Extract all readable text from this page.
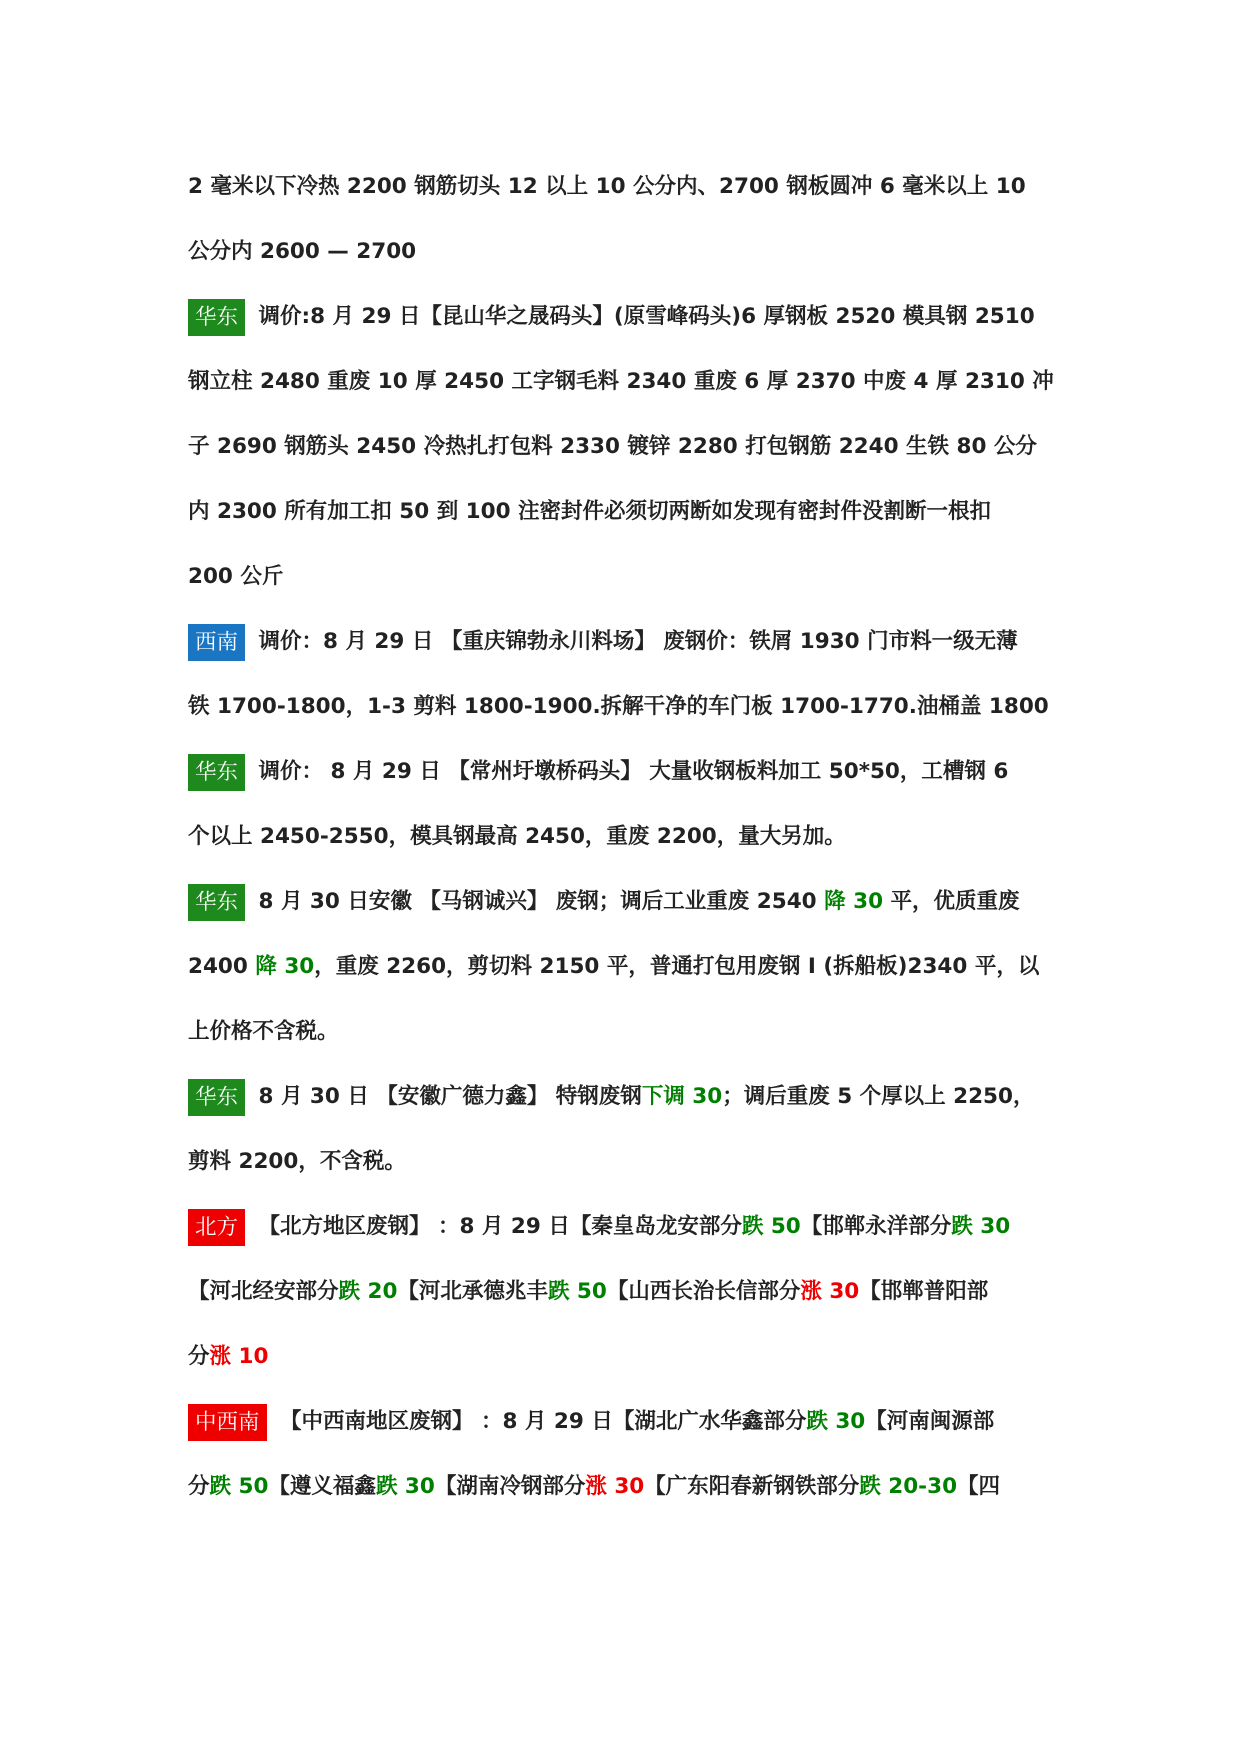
2 毫米以下冷热 2200 钢筋切头 12 以上 10 公分内、2700 钢板圆冲 6 毫米以上 10
公分内 2600 — 2700
华东 调价:8 月 29 日【昆山华之晟码头】(原雪峰码头)6 厚钢板 2520 模具钢 2510
钢立柱 2480 重废 10 厚 2450 工字钢毛料 2340 重废 6 厚 2370 中废 4 厚 2310 冲
子 2690 钢筋头 2450 冷热扎打包料 2330 镀锌 2280 打包钢筋 2240 生铁 80 公分
内 2300 所有加工扣 50 到 100 注密封件必须切两断如发现有密封件没割断一根扣
200 公斤
西南 调价：8 月 29 日 【重庆锦勃永川料场】 废钢价：铁屑 1930 门市料一级无薄
铁 1700-1800，1-3 剪料 1800-1900.拆解干净的车门板 1700-1770.油桶盖 1800
华东 调价： 8 月 29 日 【常州圩墩桥码头】 大量收钢板料加工 50*50，工槽钢 6
个以上 2450-2550，模具钢最高 2450，重废 2200，量大另加。
华东 8 月 30 日安徽 【马钢诚兴】 废钢；调后工业重废 2540 降 30 平，优质重废
2400 降 30，重废 2260，剪切料 2150 平，普通打包用废钢 I (拆船板)2340 平，以
上价格不含税。
华东 8 月 30 日 【安徽广德力鑫】 特钢废钢下调 30；调后重废 5 个厚以上 2250，
剪料 2200，不含税。
北方 【北方地区废钢】 ：8 月 29 日【秦皇岛龙安部分跌 50【邯郸永洋部分跌 30
【河北经安部分跌 20【河北承德兆丰跌 50【山西长治长信部分涨 30【邯郸普阳部
分涨 10
中西南 【中西南地区废钢】 ：8 月 29 日【湖北广水华鑫部分跌 30【河南闽源部
分跌 50【遵义福鑫跌 30【湖南冷钢部分涨 30【广东阳春新钢铁部分跌 20-30【四
